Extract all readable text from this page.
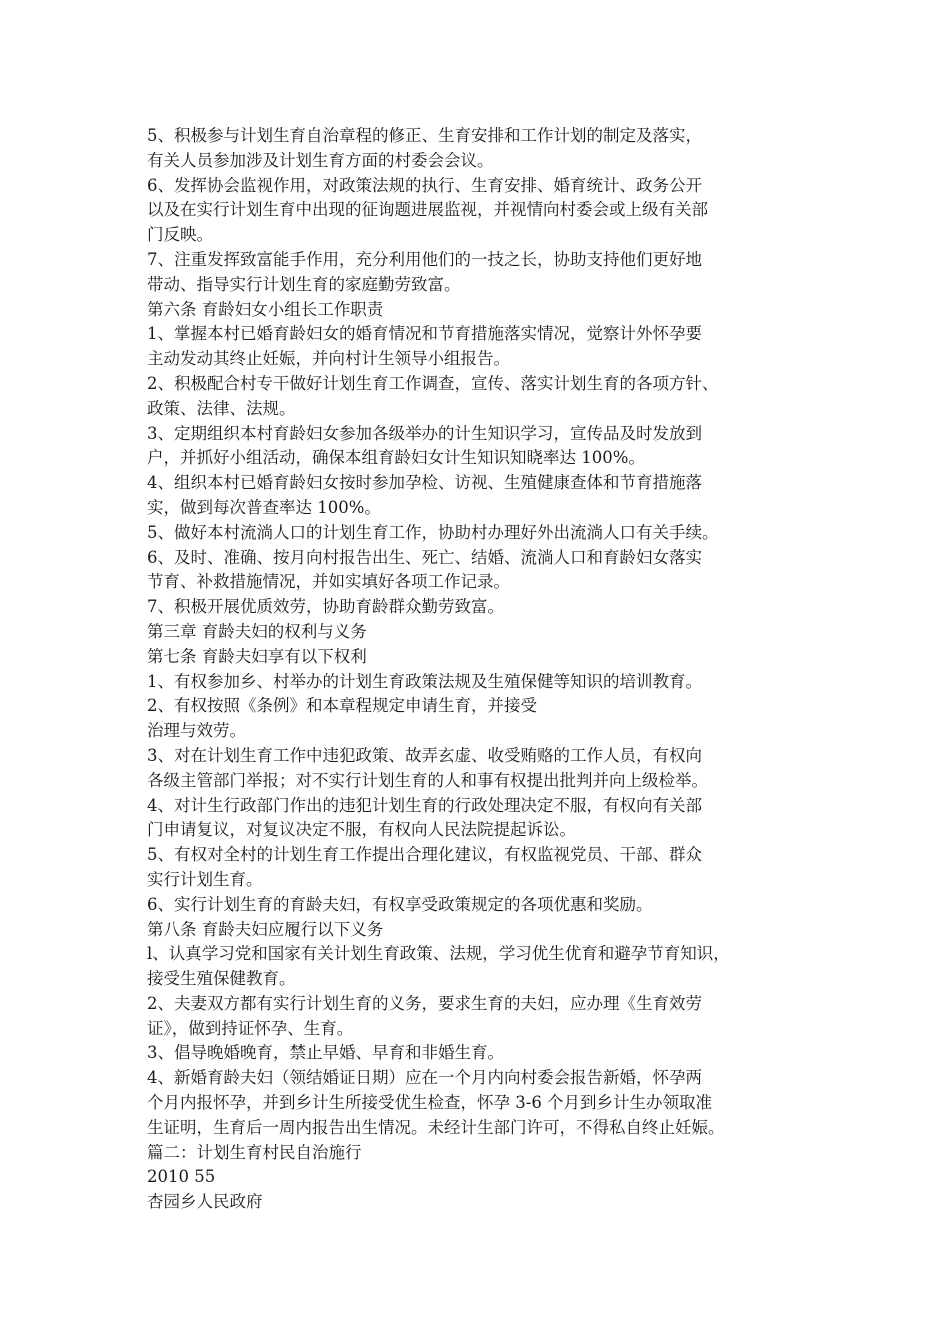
5、积极参与计划生育自治章程的修正、生育安排和工作计划的制定及落实，

有关人员参加涉及计划生育方面的村委会会议。

6、发挥协会监视作用，对政策法规的执行、生育安排、婚育统计、政务公开

以及在实行计划生育中出现的征询题进展监视，并视情向村委会或上级有关部

门反映。

7、注重发挥致富能手作用，充分利用他们的一技之长，协助支持他们更好地

带动、指导实行计划生育的家庭勤劳致富。

第六条 育龄妇女小组长工作职责

1、掌握本村已婚育龄妇女的婚育情况和节育措施落实情况，觉察计外怀孕要

主动发动其终止妊娠，并向村计生领导小组报告。

2、积极配合村专干做好计划生育工作调查，宣传、落实计划生育的各项方针、

政策、法律、法规。

3、定期组织本村育龄妇女参加各级举办的计生知识学习，宣传品及时发放到

户，并抓好小组活动，确保本组育龄妇女计生知识知晓率达 100%。

4、组织本村已婚育龄妇女按时参加孕检、访视、生殖健康查体和节育措施落

实，做到每次普查率达 100%。

5、做好本村流淌人口的计划生育工作，协助村办理好外出流淌人口有关手续。

6、及时、准确、按月向村报告出生、死亡、结婚、流淌人口和育龄妇女落实

节育、补救措施情况，并如实填好各项工作记录。

7、积极开展优质效劳，协助育龄群众勤劳致富。

第三章 育龄夫妇的权利与义务

第七条 育龄夫妇享有以下权利

1、有权参加乡、村举办的计划生育政策法规及生殖保健等知识的培训教育。

2、有权按照《条例》和本章程规定申请生育，并接受

治理与效劳。

3、对在计划生育工作中违犯政策、故弄玄虚、收受贿赂的工作人员，有权向

各级主管部门举报；对不实行计划生育的人和事有权提出批判并向上级检举。

4、对计生行政部门作出的违犯计划生育的行政处理决定不服，有权向有关部

门申请复议，对复议决定不服，有权向人民法院提起诉讼。

5、有权对全村的计划生育工作提出合理化建议，有权监视党员、干部、群众

实行计划生育。

6、实行计划生育的育龄夫妇，有权享受政策规定的各项优惠和奖励。

第八条 育龄夫妇应履行以下义务

l、认真学习党和国家有关计划生育政策、法规，学习优生优育和避孕节育知识，

接受生殖保健教育。

2、夫妻双方都有实行计划生育的义务，要求生育的夫妇，应办理《生育效劳

证》，做到持证怀孕、生育。

3、倡导晚婚晚育，禁止早婚、早育和非婚生育。

4、新婚育龄夫妇（领结婚证日期）应在一个月内向村委会报告新婚，怀孕两

个月内报怀孕，并到乡计生所接受优生检查，怀孕 3-6 个月到乡计生办领取准

生证明，生育后一周内报告出生情况。未经计生部门许可，不得私自终止妊娠。

篇二：计划生育村民自治施行

2010 55

杏园乡人民政府
